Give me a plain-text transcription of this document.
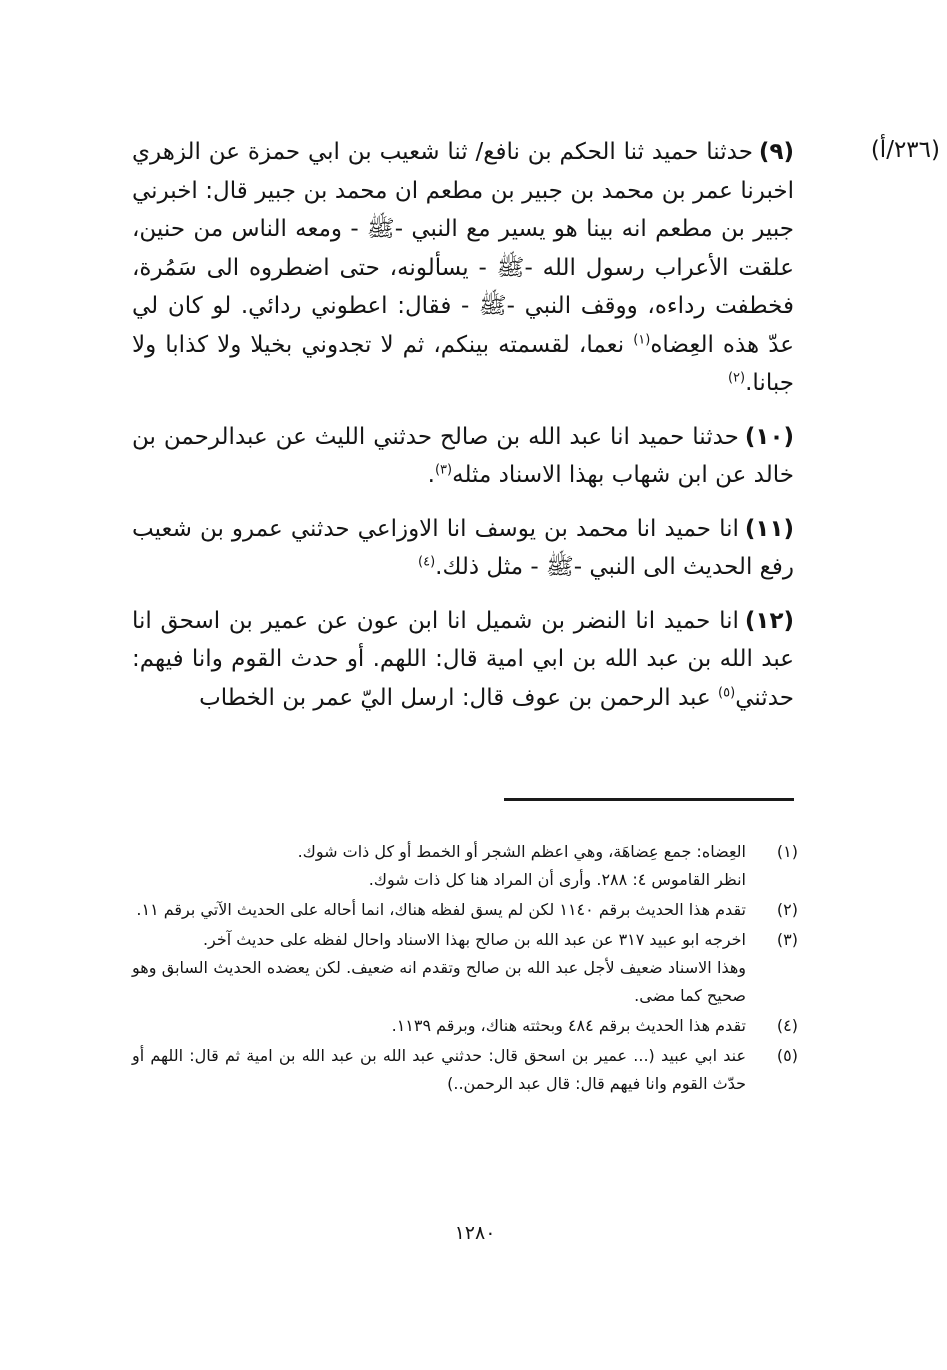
(٢٣٦/أ)

(٩)حدثنا حميد ثنا الحكم بن نافع/ ثنا شعيب بن ابي حمزة عن الزهري اخبرنا عمر بن محمد بن جبير بن مطعم ان محمد بن جبير قال: اخبرني جبير بن مطعم انه بينا هو يسير مع النبي -ﷺ - ومعه الناس من حنين، علقت الأعراب رسول الله -ﷺ - يسألونه، حتى اضطروه الى سَمُرة، فخطفت رداءه، ووقف النبي -ﷺ - فقال: اعطوني ردائي. لو كان لي عدّ هذه العِضاه$^{(١)}$ نعما، لقسمته بينكم، ثم لا تجدوني بخيلا ولا كذابا ولا جبانا.$^{(٢)}$

(١٠)حدثنا حميد انا عبد الله بن صالح حدثني الليث عن عبدالرحمن بن خالد عن ابن شهاب بهذا الاسناد مثله$^{(٣)}$.

(١١)انا حميد انا محمد بن يوسف انا الاوزاعي حدثني عمرو بن شعيب رفع الحديث الى النبي -ﷺ - مثل ذلك.$^{(٤)}$

(١٢)انا حميد انا النضر بن شميل انا ابن عون عن عمير بن اسحق انا عبد الله بن عبد الله بن ابي امية قال: اللهم. أو حدث القوم وانا فيهم: حدثني$^{(٥)}$ عبد الرحمن بن عوف قال: ارسل اليّ عمر بن الخطاب

(١)

العِضاه: جمع عِضاهَة، وهي اعظم الشجر أو الخمط أو كل ذات شوك.

انظر القاموس ٤: ٢٨٨. وأرى أن المراد هنا كل ذات شوك.

(٢)

تقدم هذا الحديث برقم ١١٤٠ لكن لم يسق لفظه هناك، انما أحاله على الحديث الآتي برقم ١١.

(٣)

اخرجه ابو عبيد ٣١٧ عن عبد الله بن صالح بهذا الاسناد واحال لفظه على حديث آخر.

وهذا الاسناد ضعيف لأجل عبد الله بن صالح وتقدم انه ضعيف. لكن يعضده الحديث السابق وهو صحيح كما مضى.

(٤)

تقدم هذا الحديث برقم ٤٨٤ وبحثته هناك، وبرقم ١١٣٩.

(٥)

عند ابي عبيد (... عمير بن اسحق قال: حدثني عبد الله بن عبد الله بن امية ثم قال: اللهم أو حدّث القوم وانا فيهم قال: قال عبد الرحمن..)

١٢٨٠
